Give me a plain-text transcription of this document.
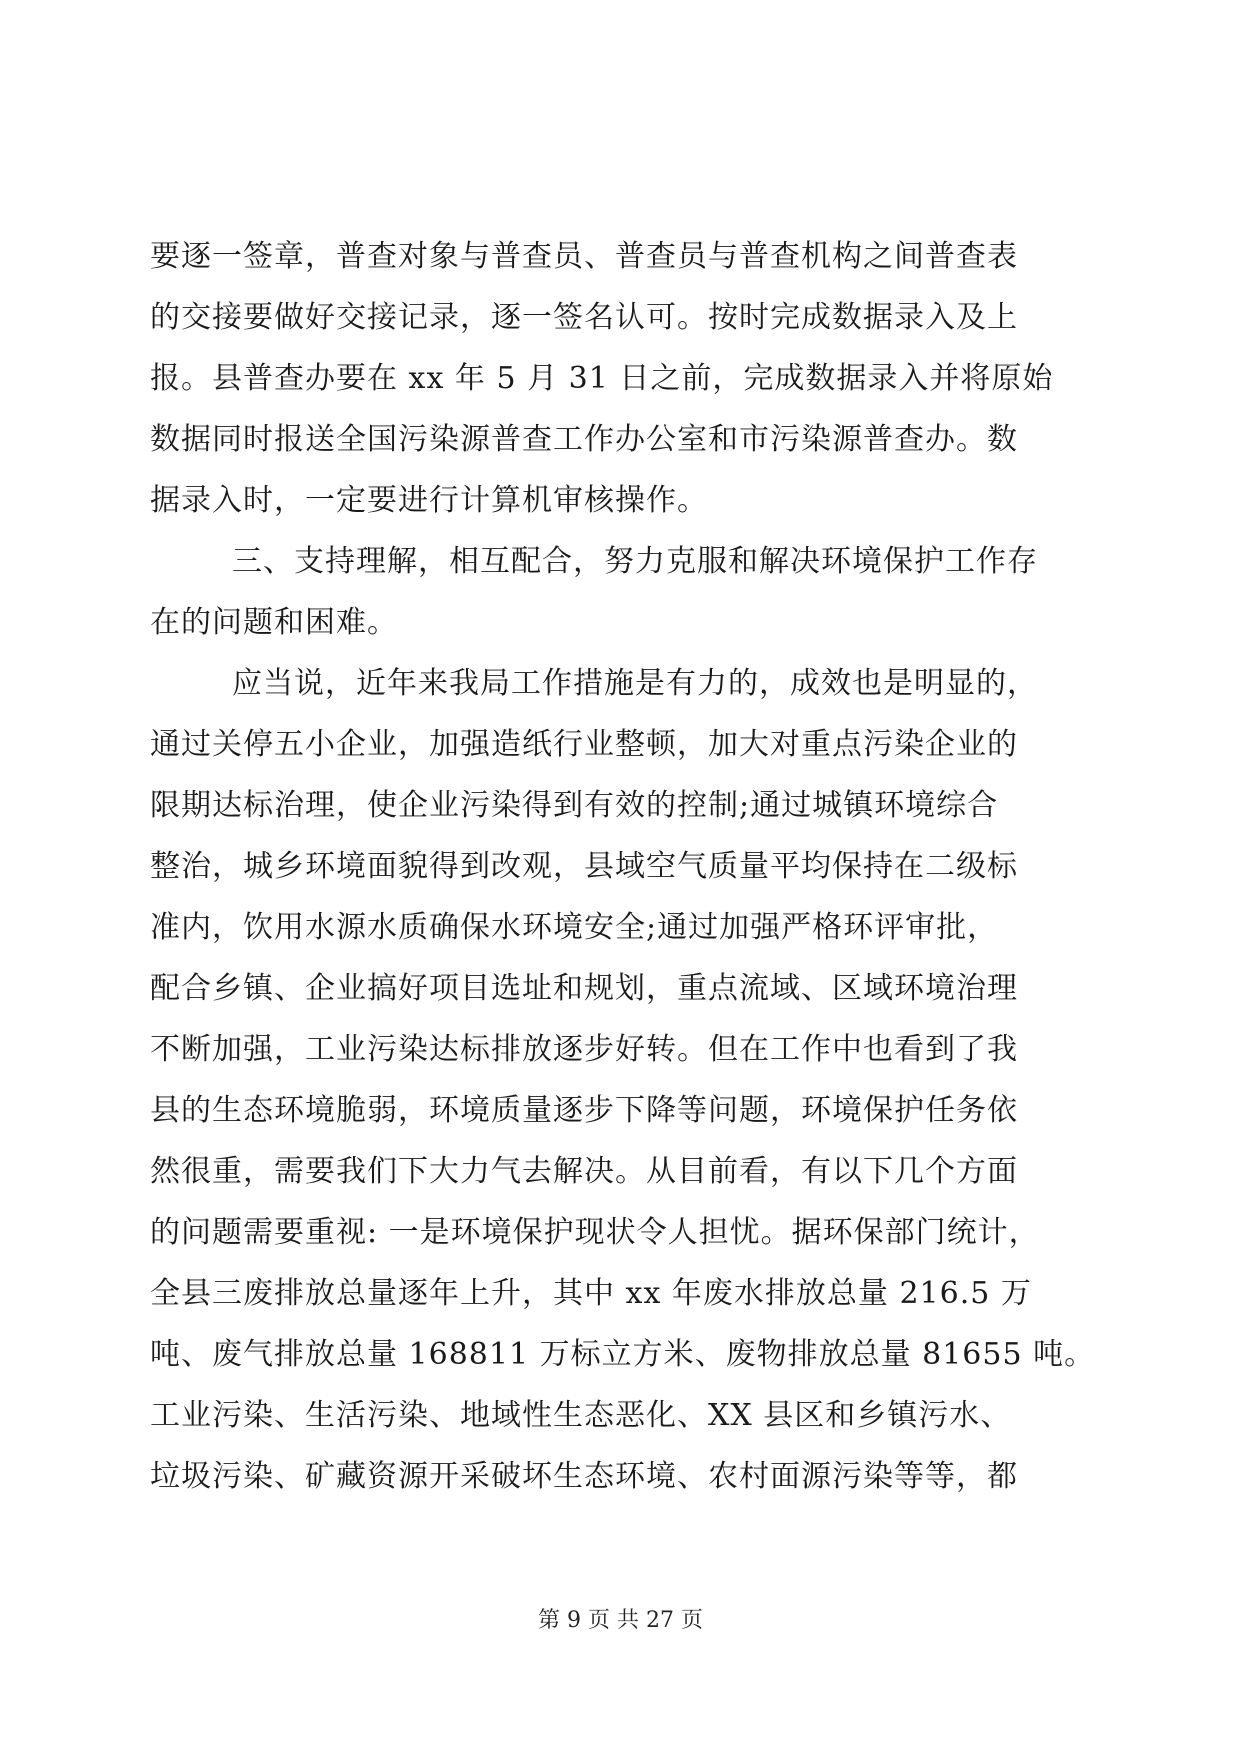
要逐一签章，普查对象与普查员、普查员与普查机构之间普查表
的交接要做好交接记录，逐一签名认可。按时完成数据录入及上
报。县普查办要在 xx 年 5 月 31 日之前，完成数据录入并将原始
数据同时报送全国污染源普查工作办公室和市污染源普查办。数
据录入时，一定要进行计算机审核操作。
三、支持理解，相互配合，努力克服和解决环境保护工作存
在的问题和困难。
应当说，近年来我局工作措施是有力的，成效也是明显的，
通过关停五小企业，加强造纸行业整顿，加大对重点污染企业的
限期达标治理，使企业污染得到有效的控制;通过城镇环境综合
整治，城乡环境面貌得到改观，县域空气质量平均保持在二级标
准内，饮用水源水质确保水环境安全;通过加强严格环评审批，
配合乡镇、企业搞好项目选址和规划，重点流域、区域环境治理
不断加强，工业污染达标排放逐步好转。但在工作中也看到了我
县的生态环境脆弱，环境质量逐步下降等问题，环境保护任务依
然很重，需要我们下大力气去解决。从目前看，有以下几个方面
的问题需要重视: 一是环境保护现状令人担忧。据环保部门统计，
全县三废排放总量逐年上升，其中 xx 年废水排放总量 216.5 万
吨、废气排放总量 168811 万标立方米、废物排放总量 81655 吨。
工业污染、生活污染、地域性生态恶化、XX 县区和乡镇污水、
垃圾污染、矿藏资源开采破坏生态环境、农村面源污染等等，都
第 9 页 共 27 页
